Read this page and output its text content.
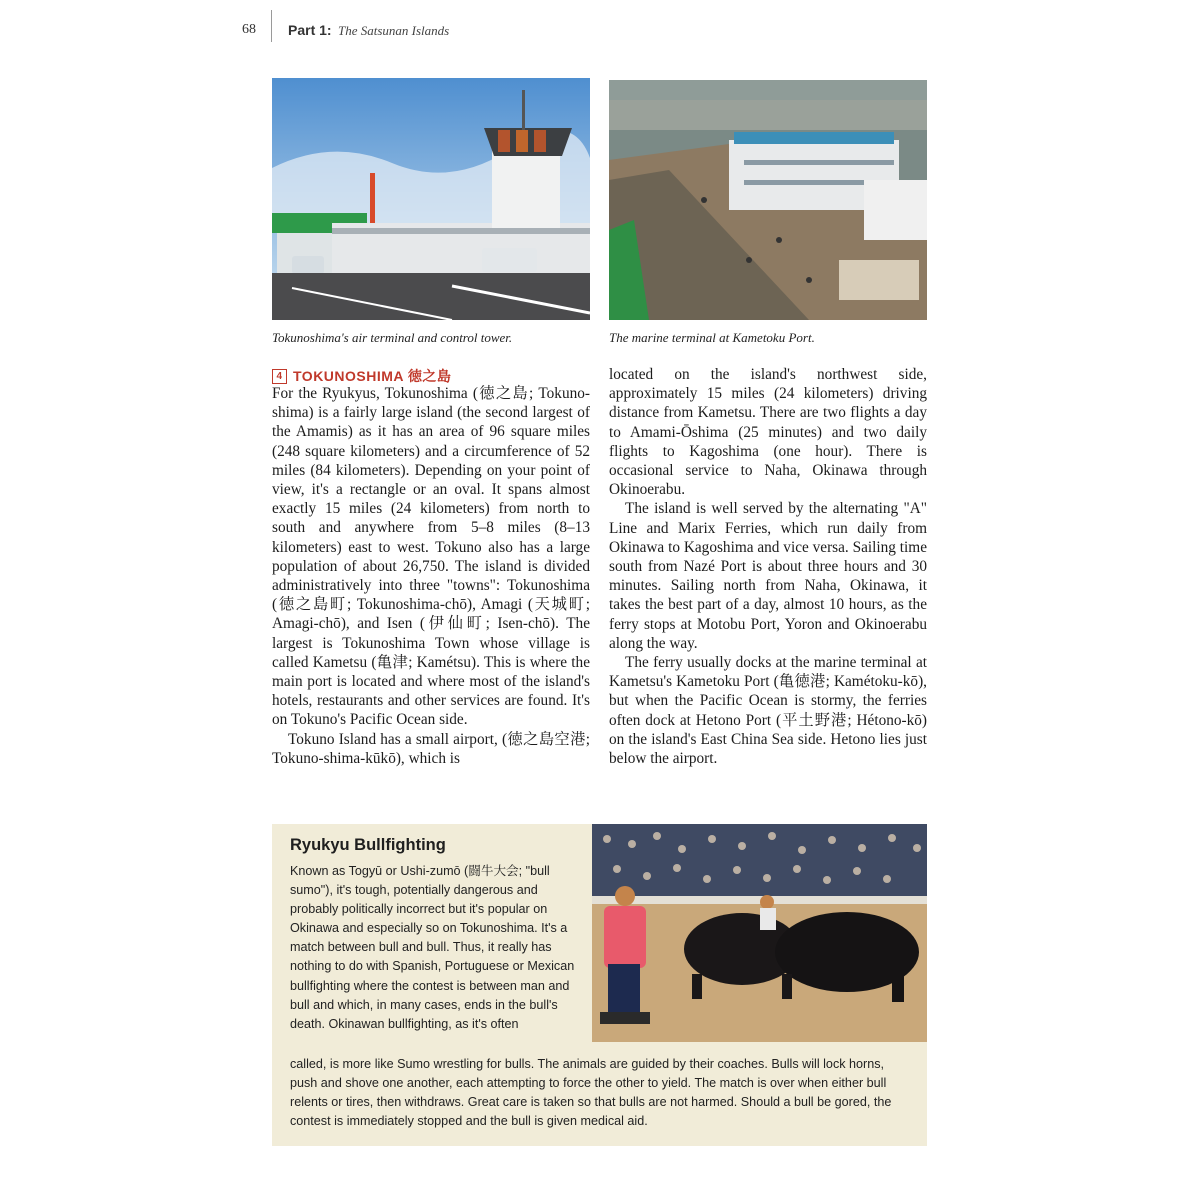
68 Part 1: The Satsunan Islands
Tokunoshima's air terminal and control tower.	The marine terminal at Kametoku Port.
4 TOKUNOSHIMA 徳之島

For the Ryukyus, Tokunoshima (徳之島; Tokuno-shima) is a fairly large island (the second largest of the Amamis) as it has an area of 96 square miles (248 square kilometers) and a circumference of 52 miles (84 kilometers). Depending on your point of view, it's a rectangle or an oval. It spans almost exactly 15 miles (24 kilometers) from north to south and anywhere from 5–8 miles (8–13 kilometers) east to west. Tokuno also has a large population of about 26,750. The island is divided administratively into three "towns": Tokunoshima (徳之島町; Tokunoshima-chō), Amagi (天城町; Amagi-chō), and Isen (伊仙町; Isen-chō). The largest is Tokunoshima Town whose village is called Kametsu (亀津; Kamétsu). This is where the main port is located and where most of the island's hotels, restaurants and other services are found. It's on Tokuno's Pacific Ocean side.

Tokuno Island has a small airport, (徳之島空港; Tokuno-shima-kūkō), which is

located on the island's northwest side, approximately 15 miles (24 kilometers) driving distance from Kametsu. There are two flights a day to Amami-Ōshima (25 minutes) and two daily flights to Kagoshima (one hour). There is occasional service to Naha, Okinawa through Okinoerabu.

The island is well served by the alternating "A" Line and Marix Ferries, which run daily from Okinawa to Kagoshima and vice versa. Sailing time south from Nazé Port is about three hours and 30 minutes. Sailing north from Naha, Okinawa, it takes the best part of a day, almost 10 hours, as the ferry stops at Motobu Port, Yoron and Okinoerabu along the way.

The ferry usually docks at the marine terminal at Kametsu's Kametoku Port (亀徳港; Kamétoku-kō), but when the Pacific Ocean is stormy, the ferries often dock at Hetono Port (平土野港; Hétono-kō) on the island's East China Sea side. Hetono lies just below the airport.

Ryukyu Bullfighting
Known as Togyū or Ushi-zumō (闘牛大会; "bull sumo"), it's tough, potentially dangerous and probably politically incorrect but it's popular on Okinawa and especially so on Tokunoshima. It's a match between bull and bull. Thus, it really has nothing to do with Spanish, Portuguese or Mexican bullfighting where the contest is between man and bull and which, in many cases, ends in the bull's death. Okinawan bullfighting, as it's often
called, is more like Sumo wrestling for bulls. The animals are guided by their coaches. Bulls will lock horns, push and shove one another, each attempting to force the other to yield. The match is over when either bull relents or tires, then withdraws. Great care is taken so that bulls are not harmed. Should a bull be gored, the contest is immediately stopped and the bull is given medical aid.
